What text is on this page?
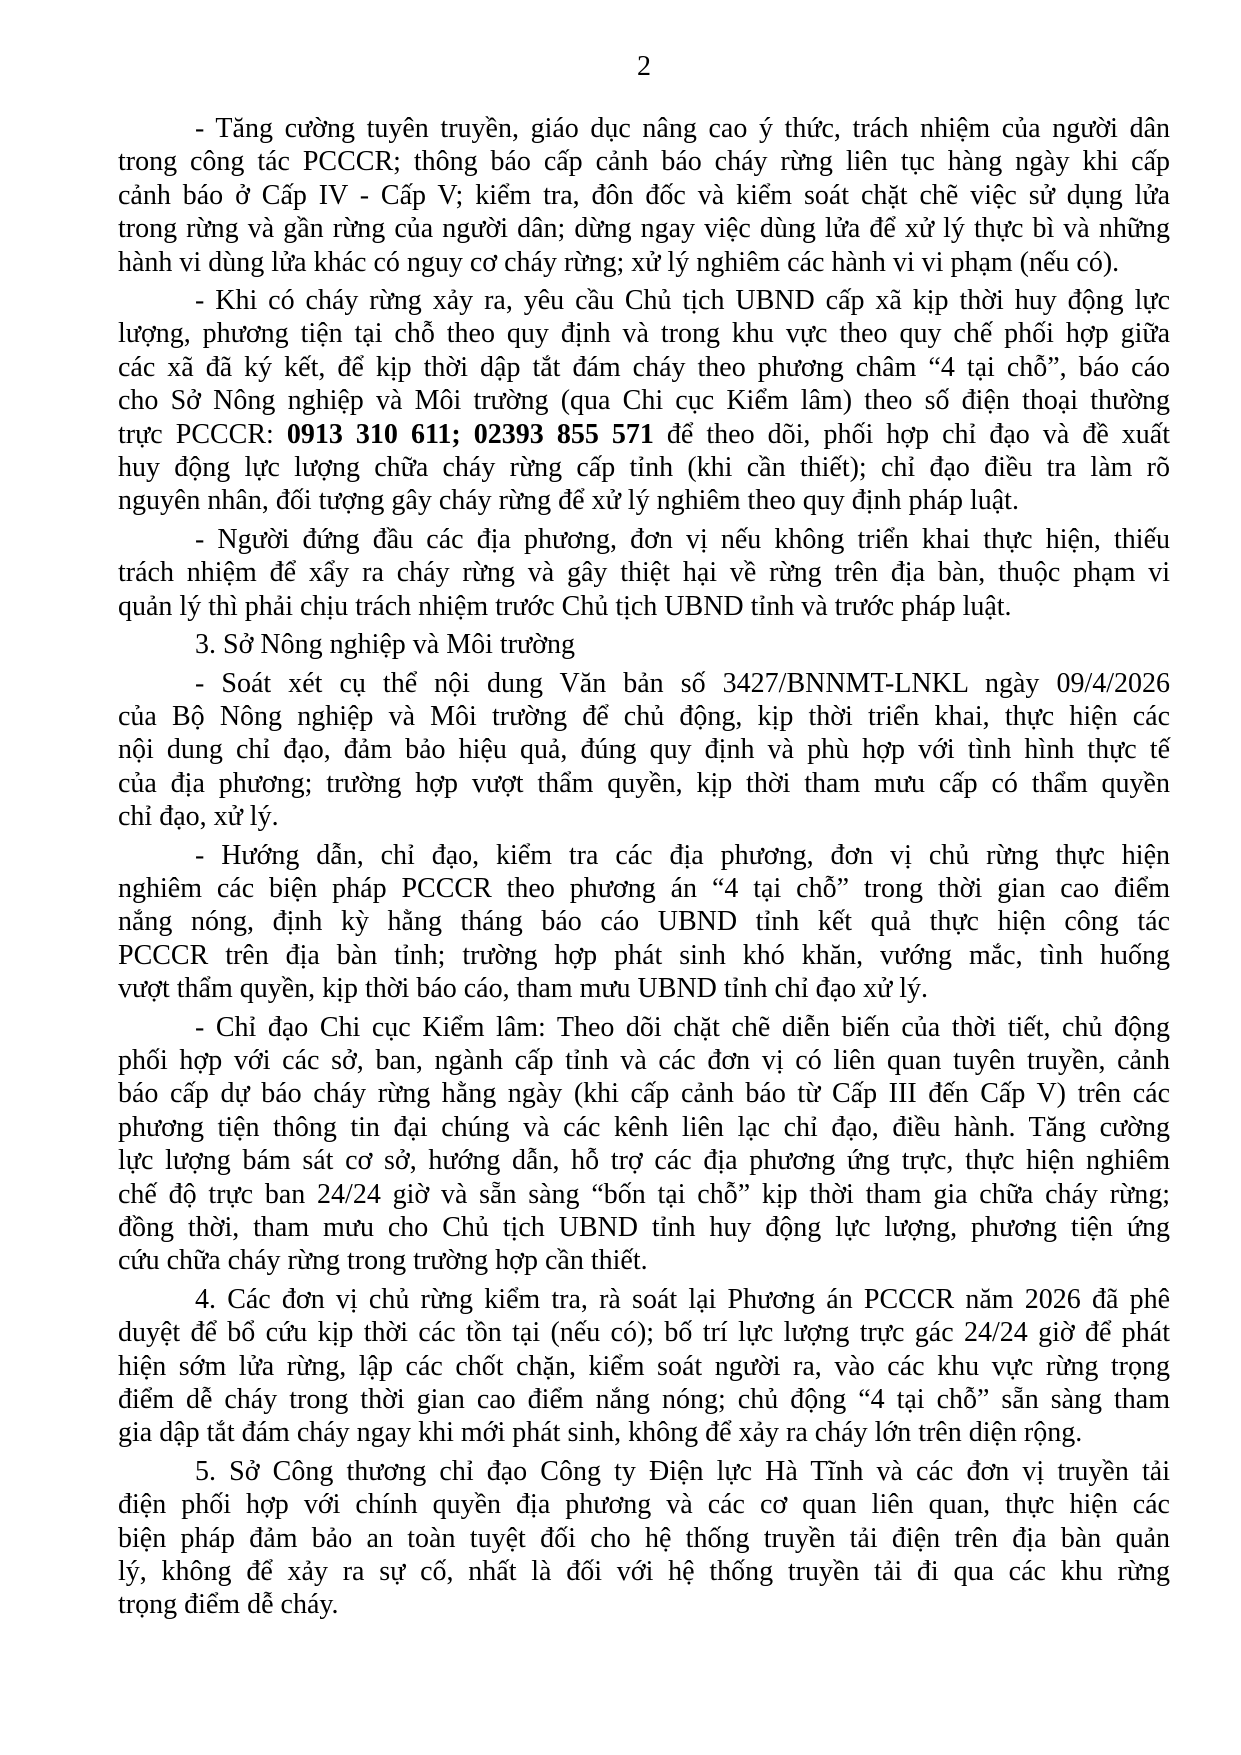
2
- Tăng cường tuyên truyền, giáo dục nâng cao ý thức, trách nhiệm của người dân
trong công tác PCCCR; thông báo cấp cảnh báo cháy rừng liên tục hàng ngày khi cấp
cảnh báo ở Cấp IV - Cấp V; kiểm tra, đôn đốc và kiểm soát chặt chẽ việc sử dụng lửa
trong rừng và gần rừng của người dân; dừng ngay việc dùng lửa để xử lý thực bì và những
hành vi dùng lửa khác có nguy cơ cháy rừng; xử lý nghiêm các hành vi vi phạm (nếu có).
- Khi có cháy rừng xảy ra, yêu cầu Chủ tịch UBND cấp xã kịp thời huy động lực
lượng, phương tiện tại chỗ theo quy định và trong khu vực theo quy chế phối hợp giữa
các xã đã ký kết, để kịp thời dập tắt đám cháy theo phương châm “4 tại chỗ”, báo cáo
cho Sở Nông nghiệp và Môi trường (qua Chi cục Kiểm lâm) theo số điện thoại thường
trực PCCCR: 0913 310 611; 02393 855 571 để theo dõi, phối hợp chỉ đạo và đề xuất
huy động lực lượng chữa cháy rừng cấp tỉnh (khi cần thiết); chỉ đạo điều tra làm rõ
nguyên nhân, đối tượng gây cháy rừng để xử lý nghiêm theo quy định pháp luật.
- Người đứng đầu các địa phương, đơn vị nếu không triển khai thực hiện, thiếu
trách nhiệm để xẩy ra cháy rừng và gây thiệt hại về rừng trên địa bàn, thuộc phạm vi
quản lý thì phải chịu trách nhiệm trước Chủ tịch UBND tỉnh và trước pháp luật.
3. Sở Nông nghiệp và Môi trường
- Soát xét cụ thể nội dung Văn bản số 3427/BNNMT-LNKL ngày 09/4/2026
của Bộ Nông nghiệp và Môi trường để chủ động, kịp thời triển khai, thực hiện các
nội dung chỉ đạo, đảm bảo hiệu quả, đúng quy định và phù hợp với tình hình thực tế
của địa phương; trường hợp vượt thẩm quyền, kịp thời tham mưu cấp có thẩm quyền
chỉ đạo, xử lý.
- Hướng dẫn, chỉ đạo, kiểm tra các địa phương, đơn vị chủ rừng thực hiện
nghiêm các biện pháp PCCCR theo phương án “4 tại chỗ” trong thời gian cao điểm
nắng nóng, định kỳ hằng tháng báo cáo UBND tỉnh kết quả thực hiện công tác
PCCCR trên địa bàn tỉnh; trường hợp phát sinh khó khăn, vướng mắc, tình huống
vượt thẩm quyền, kịp thời báo cáo, tham mưu UBND tỉnh chỉ đạo xử lý.
- Chỉ đạo Chi cục Kiểm lâm: Theo dõi chặt chẽ diễn biến của thời tiết, chủ động
phối hợp với các sở, ban, ngành cấp tỉnh và các đơn vị có liên quan tuyên truyền, cảnh
báo cấp dự báo cháy rừng hằng ngày (khi cấp cảnh báo từ Cấp III đến Cấp V) trên các
phương tiện thông tin đại chúng và các kênh liên lạc chỉ đạo, điều hành. Tăng cường
lực lượng bám sát cơ sở, hướng dẫn, hỗ trợ các địa phương ứng trực, thực hiện nghiêm
chế độ trực ban 24/24 giờ và sẵn sàng “bốn tại chỗ” kịp thời tham gia chữa cháy rừng;
đồng thời, tham mưu cho Chủ tịch UBND tỉnh huy động lực lượng, phương tiện ứng
cứu chữa cháy rừng trong trường hợp cần thiết.
4. Các đơn vị chủ rừng kiểm tra, rà soát lại Phương án PCCCR năm 2026 đã phê
duyệt để bổ cứu kịp thời các tồn tại (nếu có); bố trí lực lượng trực gác 24/24 giờ để phát
hiện sớm lửa rừng, lập các chốt chặn, kiểm soát người ra, vào các khu vực rừng trọng
điểm dễ cháy trong thời gian cao điểm nắng nóng; chủ động “4 tại chỗ” sẵn sàng tham
gia dập tắt đám cháy ngay khi mới phát sinh, không để xảy ra cháy lớn trên diện rộng.
5. Sở Công thương chỉ đạo Công ty Điện lực Hà Tĩnh và các đơn vị truyền tải
điện phối hợp với chính quyền địa phương và các cơ quan liên quan, thực hiện các
biện pháp đảm bảo an toàn tuyệt đối cho hệ thống truyền tải điện trên địa bàn quản
lý, không để xảy ra sự cố, nhất là đối với hệ thống truyền tải đi qua các khu rừng
trọng điểm dễ cháy.
